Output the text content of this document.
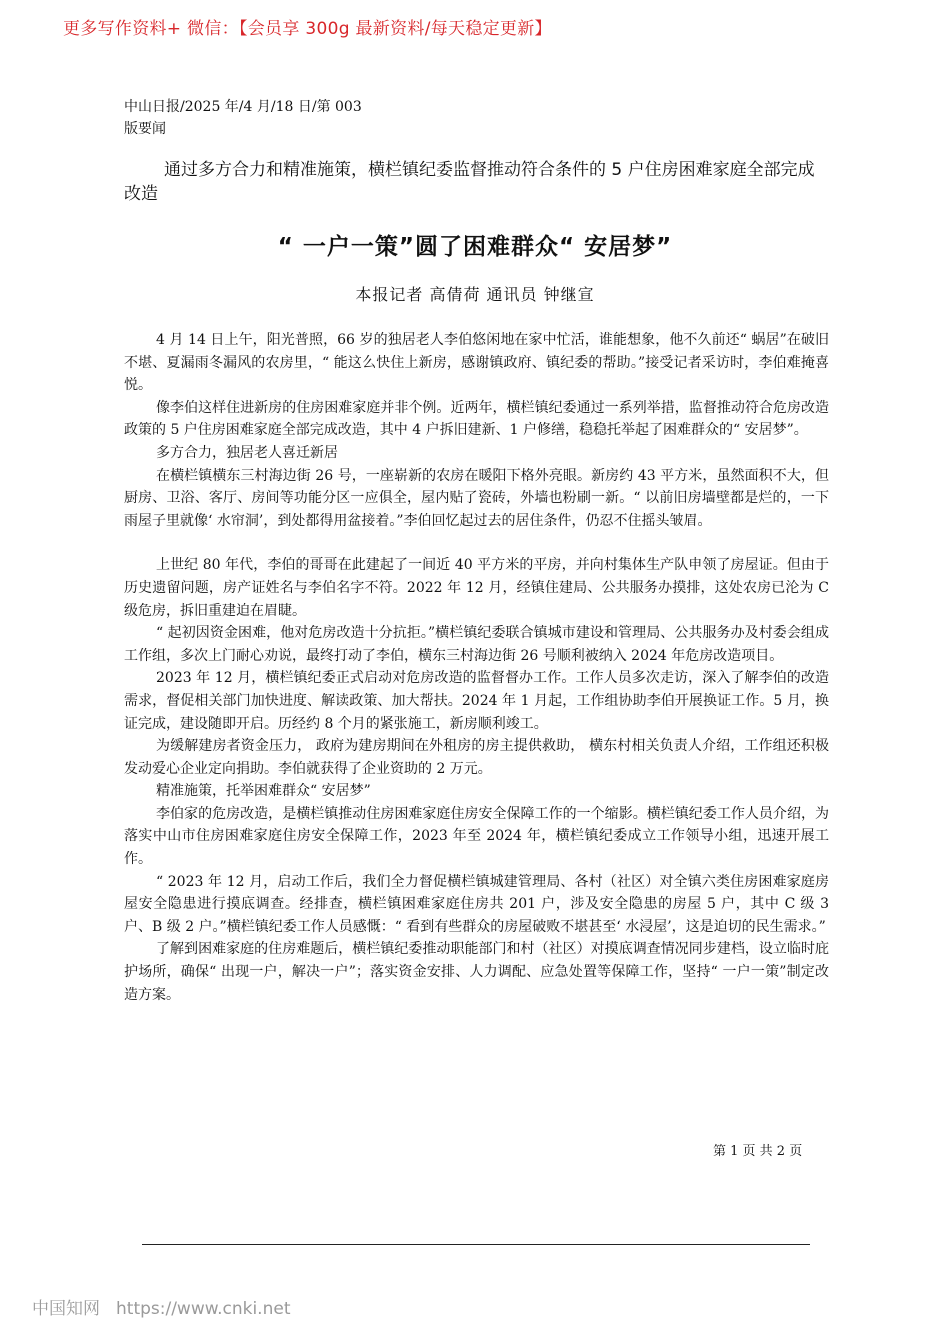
更多写作资料+ 微信：【会员享 300g 最新资料/每天稳定更新】
中山日报/2025 年/4 月/18 日/第 003
版要闻
通过多方合力和精准施策，横栏镇纪委监督推动符合条件的 5 户住房困难家庭全部完成改造
“ 一户一策”圆了困难群众“ 安居梦”
本报记者 高倩荷 通讯员 钟继宣

4 月 14 日上午，阳光普照，66 岁的独居老人李伯悠闲地在家中忙活，谁能想象，他不久前还“ 蜗居”在破旧不堪、夏漏雨冬漏风的农房里，“ 能这么快住上新房，感谢镇政府、镇纪委的帮助。”接受记者采访时，李伯难掩喜悦。

像李伯这样住进新房的住房困难家庭并非个例。近两年，横栏镇纪委通过一系列举措，监督推动符合危房改造政策的 5 户住房困难家庭全部完成改造，其中 4 户拆旧建新、1 户修缮，稳稳托举起了困难群众的“ 安居梦”。

多方合力，独居老人喜迁新居

在横栏镇横东三村海边街 26 号，一座崭新的农房在暖阳下格外亮眼。新房约 43 平方米，虽然面积不大，但厨房、卫浴、客厅、房间等功能分区一应俱全，屋内贴了瓷砖，外墙也粉刷一新。“ 以前旧房墙壁都是烂的，一下雨屋子里就像‘ 水帘洞’，到处都得用盆接着。”李伯回忆起过去的居住条件，仍忍不住摇头皱眉。

上世纪 80 年代，李伯的哥哥在此建起了一间近 40 平方米的平房，并向村集体生产队申领了房屋证。但由于历史遗留问题，房产证姓名与李伯名字不符。2022 年 12 月，经镇住建局、公共服务办摸排，这处农房已沦为 C 级危房，拆旧重建迫在眉睫。

“ 起初因资金困难，他对危房改造十分抗拒。”横栏镇纪委联合镇城市建设和管理局、公共服务办及村委会组成工作组，多次上门耐心劝说，最终打动了李伯，横东三村海边街 26 号顺利被纳入 2024 年危房改造项目。

2023 年 12 月，横栏镇纪委正式启动对危房改造的监督督办工作。工作人员多次走访，深入了解李伯的改造需求，督促相关部门加快进度、解读政策、加大帮扶。2024 年 1 月起，工作组协助李伯开展换证工作。5 月，换证完成，建设随即开启。历经约 8 个月的紧张施工，新房顺利竣工。

为缓解建房者资金压力， 政府为建房期间在外租房的房主提供救助， 横东村相关负责人介绍，工作组还积极发动爱心企业定向捐助。李伯就获得了企业资助的 2 万元。

精准施策，托举困难群众“ 安居梦”

李伯家的危房改造，是横栏镇推动住房困难家庭住房安全保障工作的一个缩影。横栏镇纪委工作人员介绍，为落实中山市住房困难家庭住房安全保障工作，2023 年至 2024 年，横栏镇纪委成立工作领导小组，迅速开展工作。

“ 2023 年 12 月，启动工作后，我们全力督促横栏镇城建管理局、各村（社区）对全镇六类住房困难家庭房屋安全隐患进行摸底调查。经排查，横栏镇困难家庭住房共 201 户，涉及安全隐患的房屋 5 户，其中 C 级 3 户、B 级 2 户。”横栏镇纪委工作人员感慨：“ 看到有些群众的房屋破败不堪甚至‘ 水浸屋’，这是迫切的民生需求。”

了解到困难家庭的住房难题后，横栏镇纪委推动职能部门和村（社区）对摸底调查情况同步建档，设立临时庇护场所，确保“ 出现一户，解决一户”；落实资金安排、人力调配、应急处置等保障工作，坚持“ 一户一策”制定改造方案。

第 1 页 共 2 页
中国知网 https://www.cnki.net
